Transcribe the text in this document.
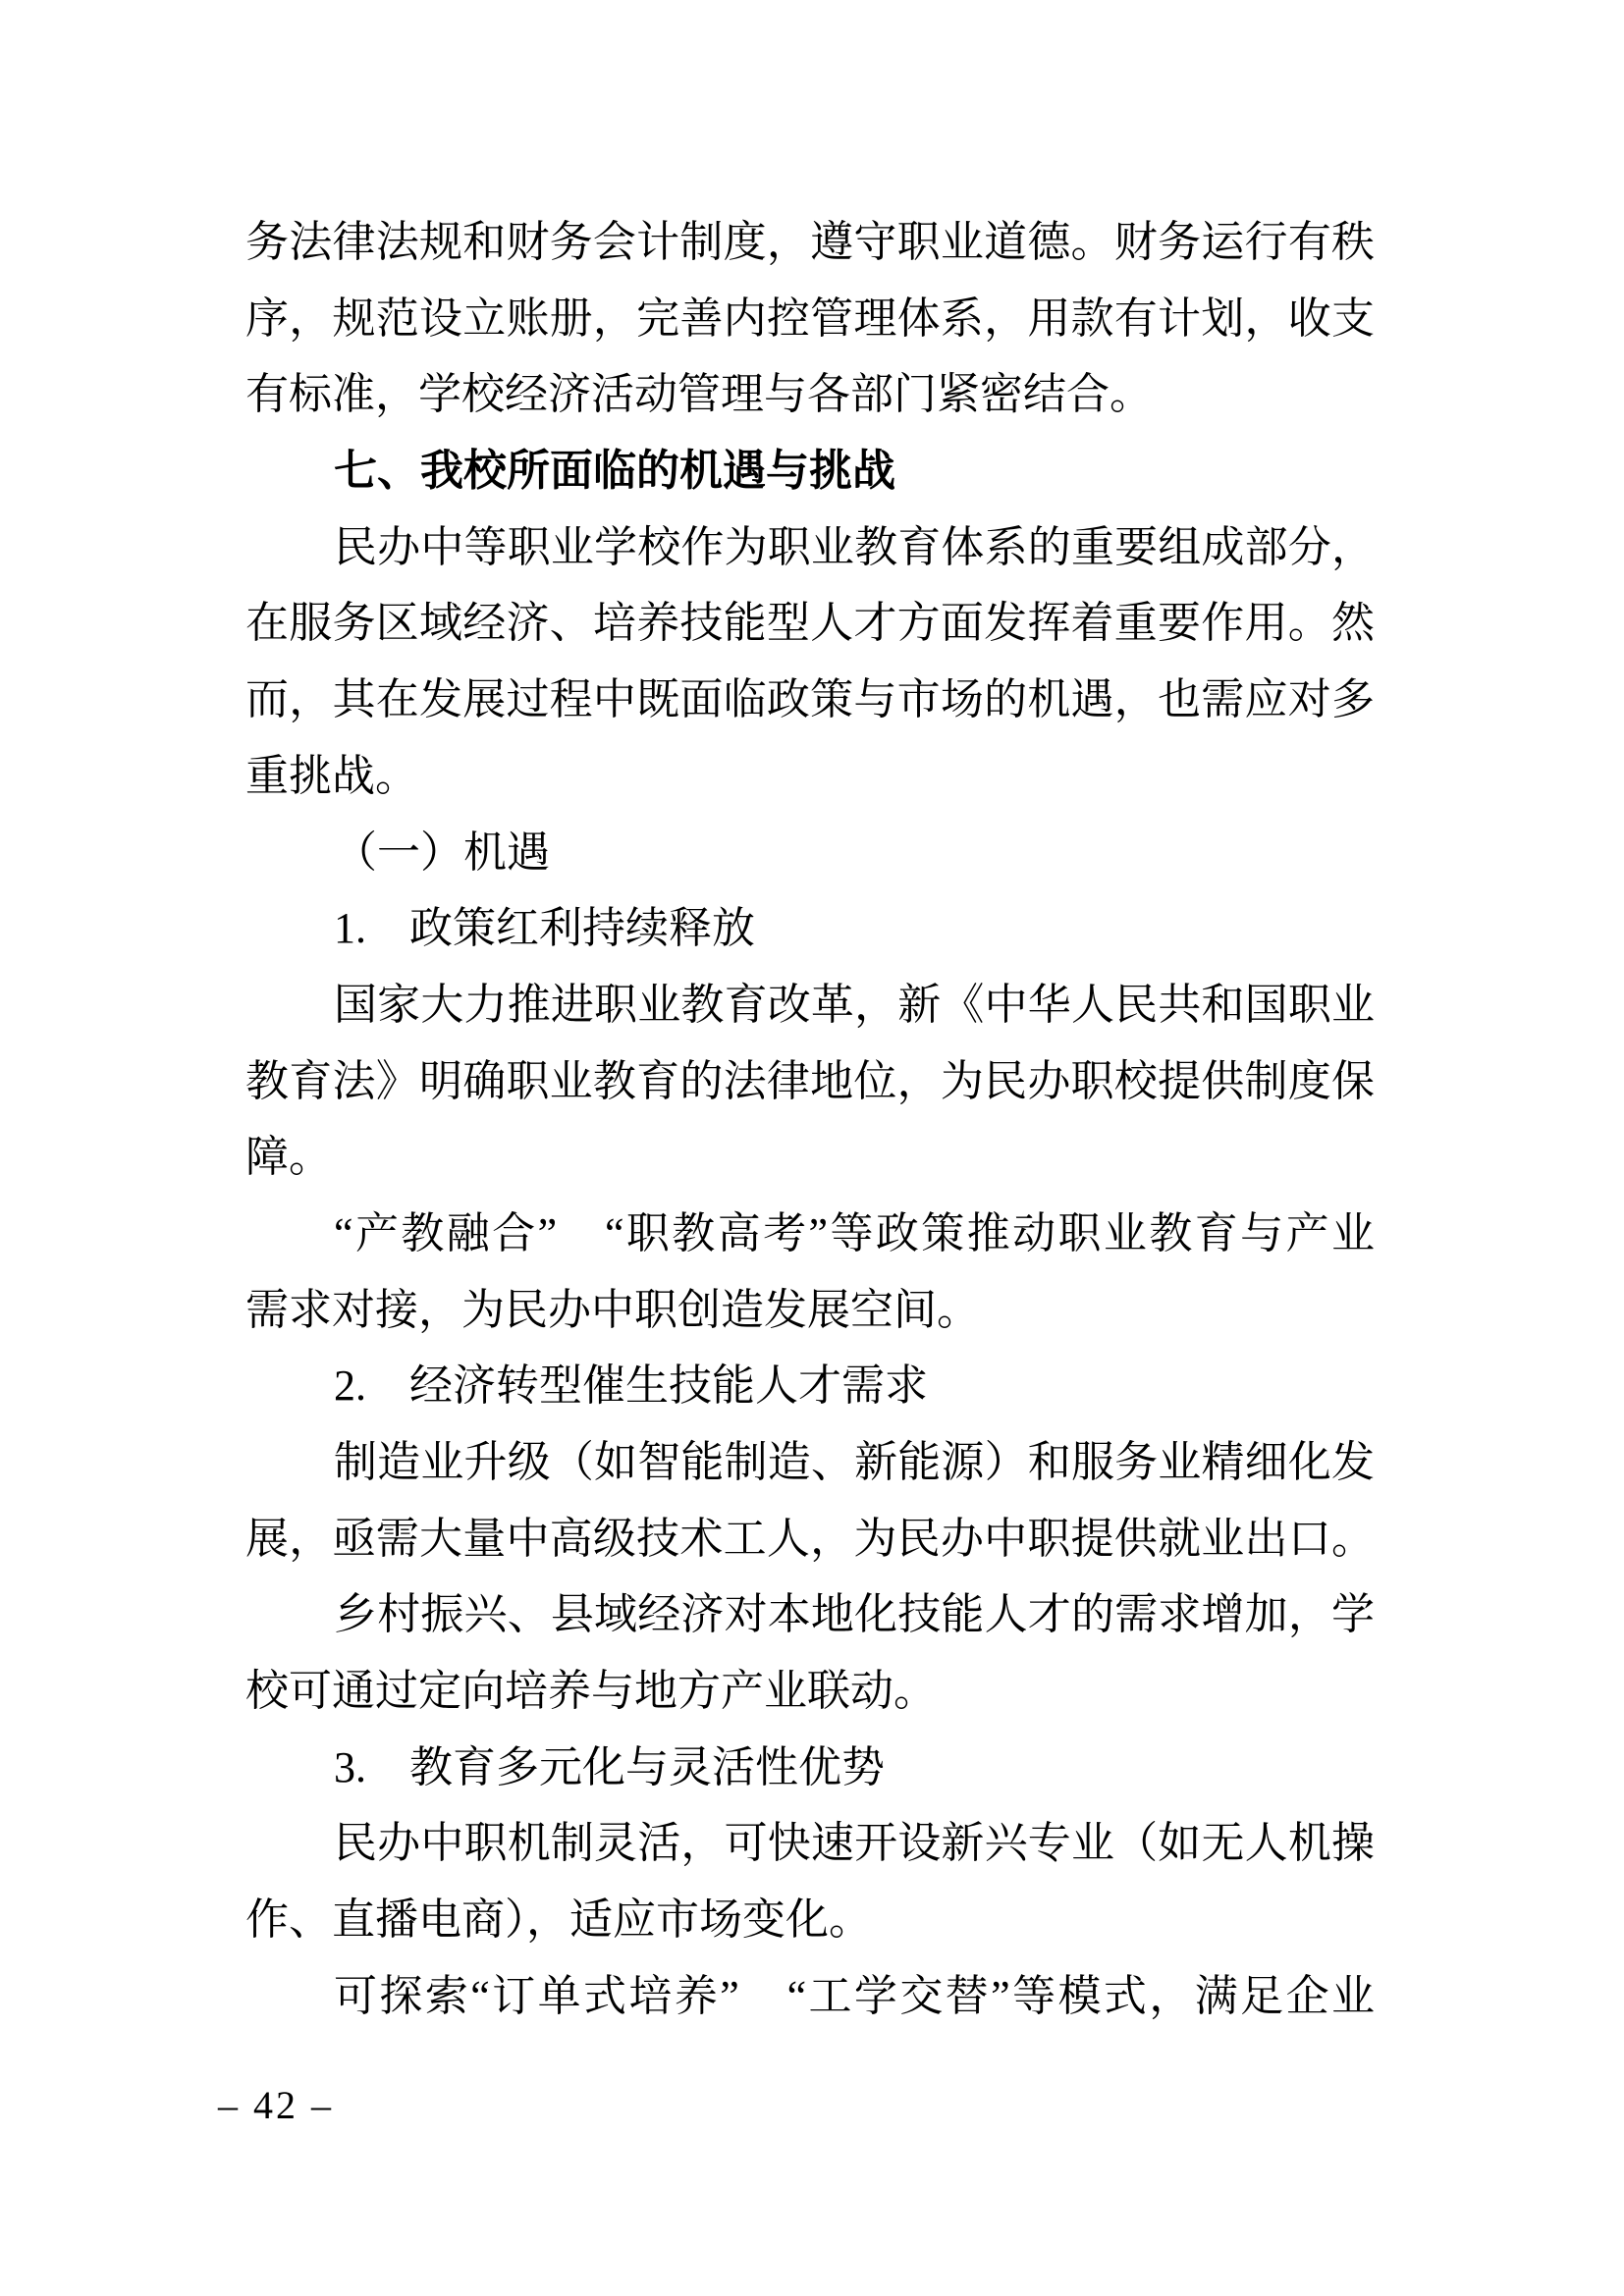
务法律法规和财务会计制度，遵守职业道德。财务运行有秩
序，规范设立账册，完善内控管理体系，用款有计划，收支
有标准，学校经济活动管理与各部门紧密结合。
七、我校所面临的机遇与挑战
民办中等职业学校作为职业教育体系的重要组成部分，
在服务区域经济、培养技能型人才方面发挥着重要作用。然
而，其在发展过程中既面临政策与市场的机遇，也需应对多
重挑战。
（一）机遇
1.　政策红利持续释放
国家大力推进职业教育改革，新《中华人民共和国职业
教育法》明确职业教育的法律地位，为民办职校提供制度保
障。
“产教融合”　“职教高考”等政策推动职业教育与产业
需求对接，为民办中职创造发展空间。
2.　经济转型催生技能人才需求
制造业升级（如智能制造、新能源）和服务业精细化发
展，亟需大量中高级技术工人，为民办中职提供就业出口。
乡村振兴、县域经济对本地化技能人才的需求增加，学
校可通过定向培养与地方产业联动。
3.　教育多元化与灵活性优势
民办中职机制灵活，可快速开设新兴专业（如无人机操
作、直播电商），适应市场变化。
可探索“订单式培养”　“工学交替”等模式，满足企业
– 42 –
